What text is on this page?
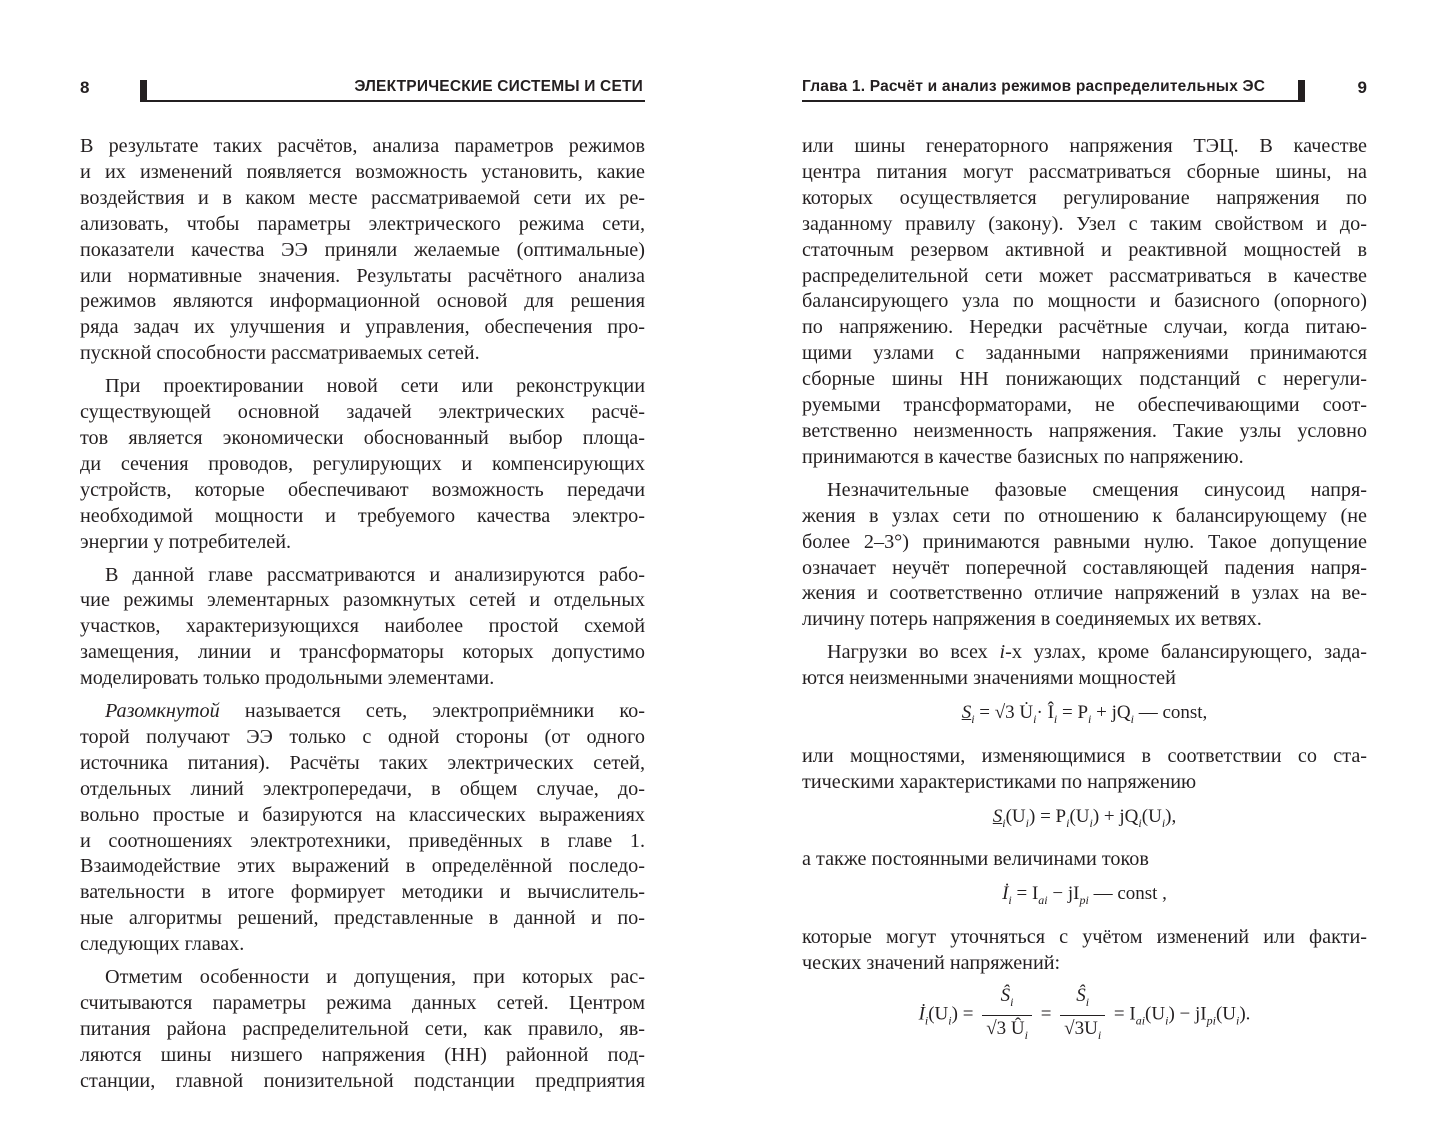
8	ЭЛЕКТРИЧЕСКИЕ СИСТЕМЫ И СЕТИ

В результате таких расчётов, анализа параметров режимов
и их изменений появляется возможность установить, какие
воздействия и в каком месте рассматриваемой сети их ре-
ализовать, чтобы параметры электрического режима сети,
показатели качества ЭЭ приняли желаемые (оптимальные)
или нормативные значения. Результаты расчётного анализа
режимов являются информационной основой для решения
ряда задач их улучшения и управления, обеспечения про-
пускной способности рассматриваемых сетей.

При проектировании новой сети или реконструкции
существующей основной задачей электрических расчё-
тов является экономически обоснованный выбор площа-
ди сечения проводов, регулирующих и компенсирующих
устройств, которые обеспечивают возможность передачи
необходимой мощности и требуемого качества электро-
энергии у потребителей.

В данной главе рассматриваются и анализируются рабо-
чие режимы элементарных разомкнутых сетей и отдельных
участков, характеризующихся наиболее простой схемой
замещения, линии и трансформаторы которых допустимо
моделировать только продольными элементами.

Разомкнутой называется сеть, электроприёмники ко-
торой получают ЭЭ только с одной стороны (от одного
источника питания). Расчёты таких электрических сетей,
отдельных линий электропередачи, в общем случае, до-
вольно простые и базируются на классических выражениях
и соотношениях электротехники, приведённых в главе 1.
Взаимодействие этих выражений в определённой последо-
вательности в итоге формирует методики и вычислитель-
ные алгоритмы решений, представленные в данной и по-
следующих главах.

Отметим особенности и допущения, при которых рас-
считываются параметры режима данных сетей. Центром
питания района распределительной сети, как правило, яв-
ляются шины низшего напряжения (НН) районной под-
станции, главной понизительной подстанции предприятия

Глава 1. Расчёт и анализ режимов распределительных ЭС	9

или шины генераторного напряжения ТЭЦ. В качестве
центра питания могут рассматриваться сборные шины, на
которых осуществляется регулирование напряжения по
заданному правилу (закону). Узел с таким свойством и до-
статочным резервом активной и реактивной мощностей в
распределительной сети может рассматриваться в качестве
балансирующего узла по мощности и базисного (опорного)
по напряжению. Нередки расчётные случаи, когда питаю-
щими узлами с заданными напряжениями принимаются
сборные шины НН понижающих подстанций с нерегули-
руемыми трансформаторами, не обеспечивающими соот-
ветственно неизменность напряжения. Такие узлы условно
принимаются в качестве базисных по напряжению.

Незначительные фазовые смещения синусоид напря-
жения в узлах сети по отношению к балансирующему (не
более 2–3°) принимаются равными нулю. Такое допущение
означает неучёт поперечной составляющей падения напря-
жения и соответственно отличие напряжений в узлах на ве-
личину потерь напряжения в соединяемых их ветвях.

Нагрузки во всех i-х узлах, кроме балансирующего, зада-
ются неизменными значениями мощностей

$S_i = √3$ $U̇_i\cdot$ $Î_i = P_i + jQ_i$ — const,

или мощностями, изменяющимися в соответствии со ста-
тическими характеристиками по напряжению

$S_i(U_i) = P_i(U_i) + jQ_i(U_i)$,

а также постоянными величинами токов

$İ_i = I_{ai} - jI_{pi}$ — const ,

которые могут уточняться с учётом изменений или факти-
ческих значений напряжений:

$İ_i(U_i) = \frac{Ŝ_i}{√3 Û_i} = \frac{Ŝ_i}{√3U_i} = I_{ai}(U_i) - jI_{pi}(U_i)$.
